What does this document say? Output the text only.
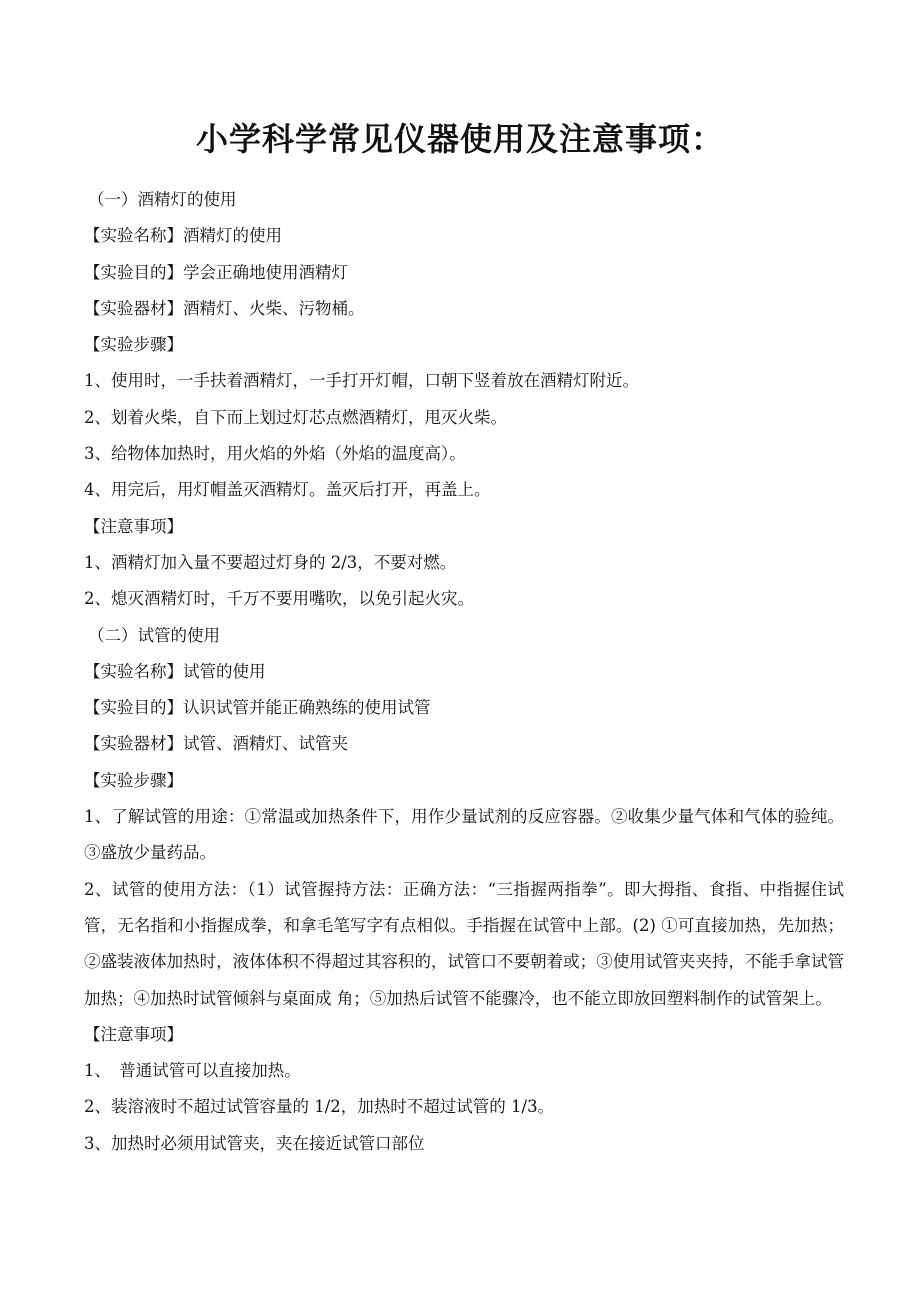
小学科学常见仪器使用及注意事项：

（一）酒精灯的使用

【实验名称】酒精灯的使用

【实验目的】学会正确地使用酒精灯

【实验器材】酒精灯、火柴、污物桶。

【实验步骤】

1、使用时，一手扶着酒精灯，一手打开灯帽，口朝下竖着放在酒精灯附近。

2、划着火柴，自下而上划过灯芯点燃酒精灯，甩灭火柴。

3、给物体加热时，用火焰的外焰（外焰的温度高）。

4、用完后，用灯帽盖灭酒精灯。盖灭后打开，再盖上。

【注意事项】

1、酒精灯加入量不要超过灯身的 2/3，不要对燃。

2、熄灭酒精灯时，千万不要用嘴吹，以免引起火灾。

（二）试管的使用

【实验名称】试管的使用

【实验目的】认识试管并能正确熟练的使用试管

【实验器材】试管、酒精灯、试管夹

【实验步骤】

1、了解试管的用途：①常温或加热条件下，用作少量试剂的反应容器。②收集少量气体和气体的验纯。③盛放少量药品。

2、试管的使用方法：（1）试管握持方法：正确方法：“三指握两指拳”。即大拇指、食指、中指握住试管，无名指和小指握成拳，和拿毛笔写字有点相似。手指握在试管中上部。(2) ①可直接加热，先加热；②盛装液体加热时，液体体积不得超过其容积的，试管口不要朝着或；③使用试管夹夹持，不能手拿试管加热；④加热时试管倾斜与桌面成 角；⑤加热后试管不能骤冷，也不能立即放回塑料制作的试管架上。

【注意事项】

1、　普通试管可以直接加热。

2、装溶液时不超过试管容量的 1/2，加热时不超过试管的 1/3。

3、加热时必须用试管夹，夹在接近试管口部位
